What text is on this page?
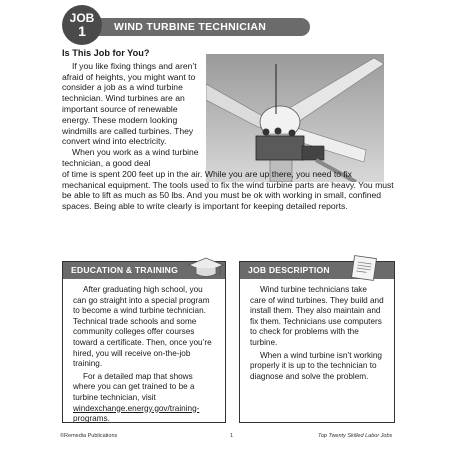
JOB
1	WIND TURBINE TECHNICIAN
Is This Job for You?

If you like fixing things and aren’t afraid of heights, you might want to consider a job as a wind turbine technician. Wind turbines are an important source of renewable energy. These modern looking windmills are called turbines. They convert wind into electricity.

When you work as a wind turbine technician, a good deal

of time is spent 200 feet up in the air. While you are up there, you need to fix mechanical equipment. The tools used to fix the wind turbine parts are heavy. You must be able to lift as much as 50 lbs. And you must be ok with working in small, confined spaces. Being able to write clearly is important for keeping detailed reports.

EDUCATION & TRAINING

After graduating high school, you can go straight into a special program to become a wind turbine technician. Technical trade schools and some community colleges offer courses toward a certificate. Then, once you’re hired, you will receive on-the-job training.

For a detailed map that shows where you can get trained to be a turbine technician, visit windexchange.energy.gov/training-programs.

JOB DESCRIPTION

Wind turbine technicians take care of wind turbines. They build and install them. They also maintain and fix them. Technicians use computers to check for problems with the turbine.

When a wind turbine isn’t working properly it is up to the technician to diagnose and solve the problem.

©Remedia Publications	1	Top Twenty Skilled Labor Jobs
